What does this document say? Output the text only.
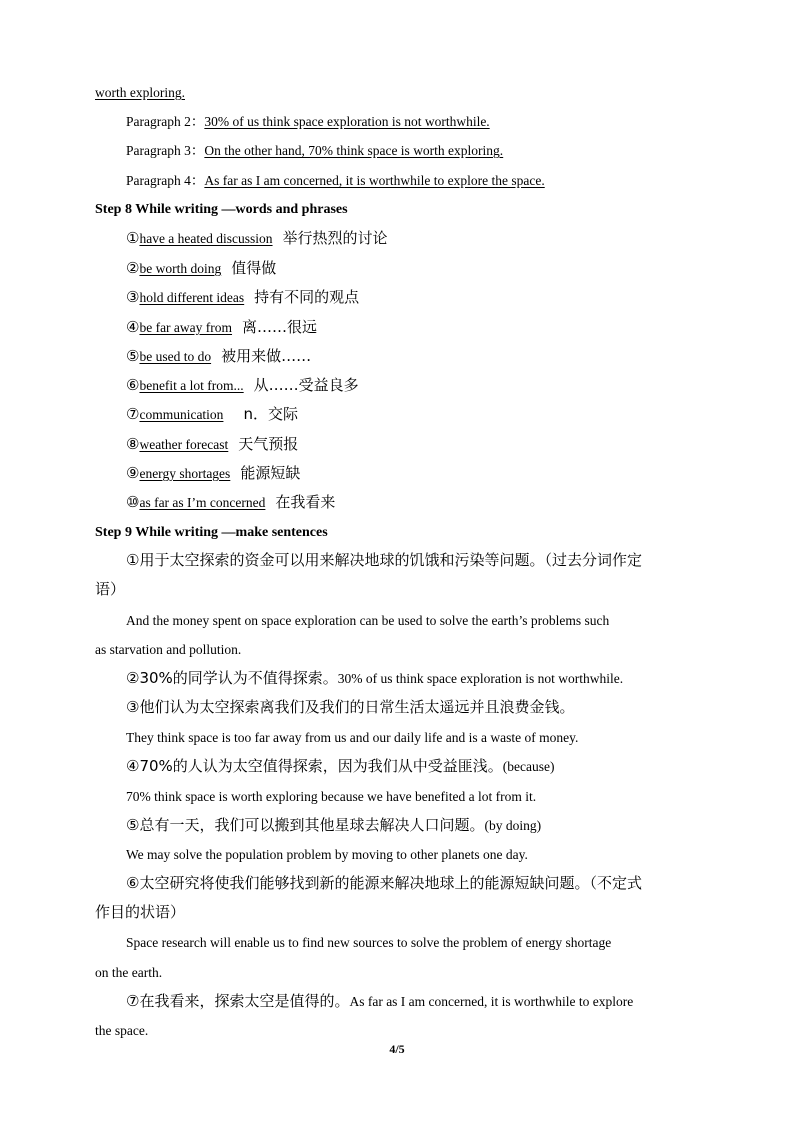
worth exploring.
Paragraph 2：30% of us think space exploration is not worthwhile.
Paragraph 3：On the other hand, 70% think space is worth exploring.
Paragraph 4：As far as I am concerned, it is worthwhile to explore the space.
Step 8 While writing —words and phrases
①have a heated discussion 举行热烈的讨论
②be worth doing 值得做
③hold different ideas 持有不同的观点
④be far away from 离……很远
⑤be used to do 被用来做……
⑥benefit a lot from... 从……受益良多
⑦communication n．交际
⑧weather forecast 天气预报
⑨energy shortages 能源短缺
⑩as far as I’m concerned 在我看来
Step 9 While writing —make sentences
①用于太空探索的资金可以用来解决地球的饥饿和污染等问题。（过去分词作定
语）
And the money spent on space exploration can be used to solve the earth’s problems such
as starvation and pollution.
②30%的同学认为不值得探索。30% of us think space exploration is not worthwhile.
③他们认为太空探索离我们及我们的日常生活太遥远并且浪费金钱。
They think space is too far away from us and our daily life and is a waste of money.
④70%的人认为太空值得探索，因为我们从中受益匪浅。(because)
70% think space is worth exploring because we have benefited a lot from it.
⑤总有一天，我们可以搬到其他星球去解决人口问题。(by doing)
We may solve the population problem by moving to other planets one day.
⑥太空研究将使我们能够找到新的能源来解决地球上的能源短缺问题。（不定式
作目的状语）
Space research will enable us to find new sources to solve the problem of energy shortage
on the earth.
⑦在我看来，探索太空是值得的。As far as I am concerned, it is worthwhile to explore
the space.
4/5
